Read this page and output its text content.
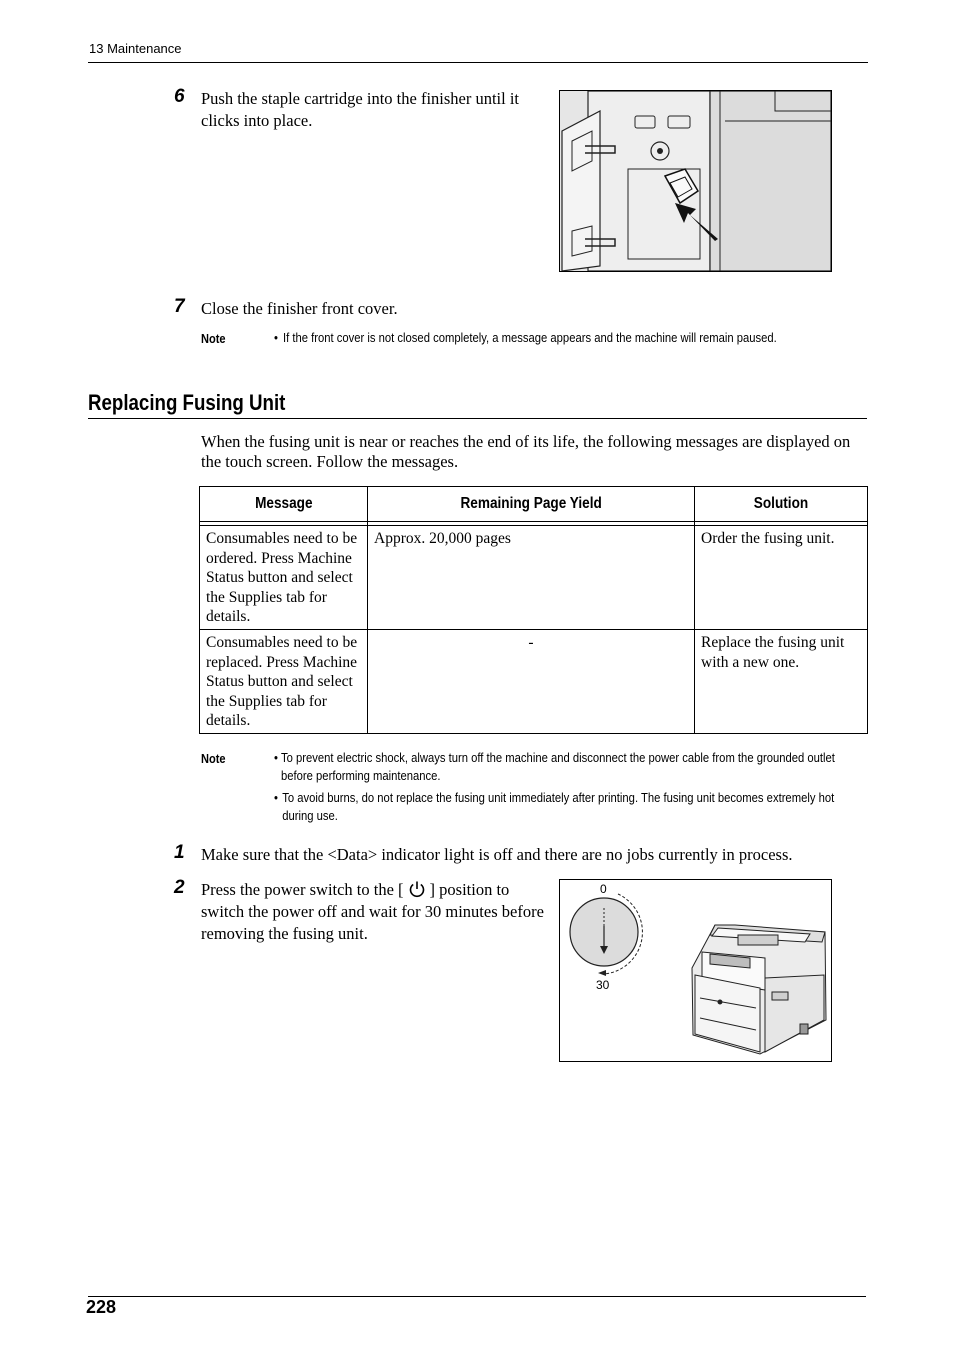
13 Maintenance
6 Push the staple cartridge into the finisher until it clicks into place.
7 Close the finisher front cover.
Note	• If the front cover is not closed completely, a message appears and the machine will remain paused.
Replacing Fusing Unit
When the fusing unit is near or reaches the end of its life, the following messages are displayed on the touch screen. Follow the messages.
Message	Remaining Page Yield	Solution

Consumables need to be ordered. Press Machine Status button and select the Supplies tab for details.	Approx. 20,000 pages	Order the fusing unit.
Consumables need to be replaced. Press Machine Status button and select the Supplies tab for details.	-	Replace the fusing unit with a new one.
Note	• To prevent electric shock, always turn off the machine and disconnect the power cable from the grounded outlet before performing maintenance.
• To avoid burns, do not replace the fusing unit immediately after printing. The fusing unit becomes extremely hot during use.
1 Make sure that the <Data> indicator light is off and there are no jobs currently in process.
2 Press the power switch to the [ ] position to switch the power off and wait for 30 minutes before removing the fusing unit.
0
30
228
